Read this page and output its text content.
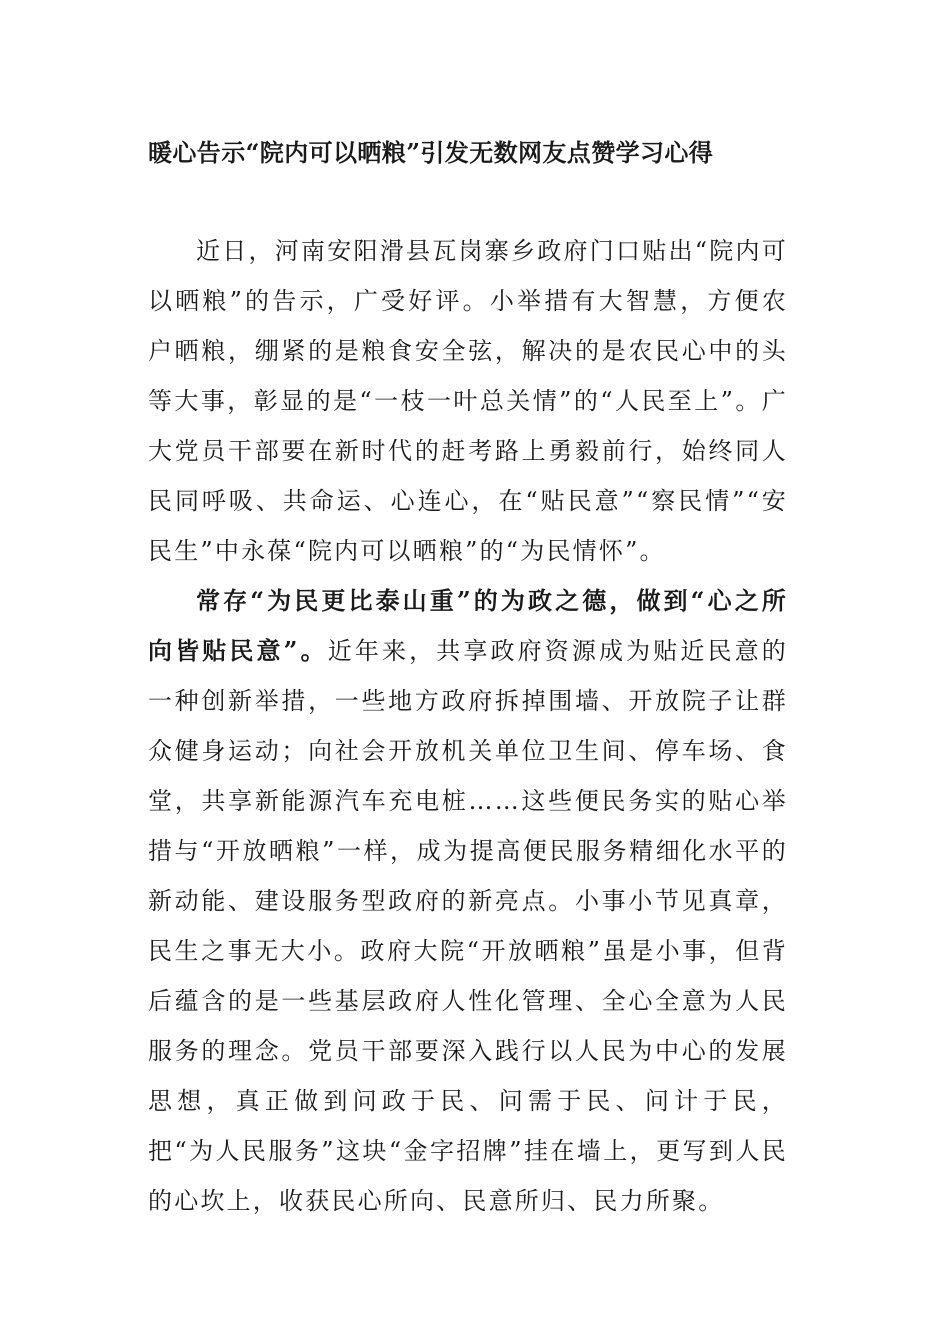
暖心告示“院内可以晒粮”引发无数网友点赞学习心得

近日，河南安阳滑县瓦岗寨乡政府门口贴出“院内可以晒粮”的告示，广受好评。小举措有大智慧，方便农户晒粮，绷紧的是粮食安全弦，解决的是农民心中的头等大事，彰显的是“一枝一叶总关情”的“人民至上”。广大党员干部要在新时代的赶考路上勇毅前行，始终同人民同呼吸、共命运、心连心，在“贴民意”“察民情”“安民生”中永葆“院内可以晒粮”的“为民情怀”。

常存“为民更比泰山重”的为政之德，做到“心之所向皆贴民意”。近年来，共享政府资源成为贴近民意的一种创新举措，一些地方政府拆掉围墙、开放院子让群众健身运动；向社会开放机关单位卫生间、停车场、食堂，共享新能源汽车充电桩……这些便民务实的贴心举措与“开放晒粮”一样，成为提高便民服务精细化水平的新动能、建设服务型政府的新亮点。小事小节见真章，民生之事无大小。政府大院“开放晒粮”虽是小事，但背后蕴含的是一些基层政府人性化管理、全心全意为人民服务的理念。党员干部要深入践行以人民为中心的发展思想，真正做到问政于民、问需于民、问计于民，把“为人民服务”这块“金字招牌”挂在墙上，更写到人民的心坎上，收获民心所向、民意所归、民力所聚。
